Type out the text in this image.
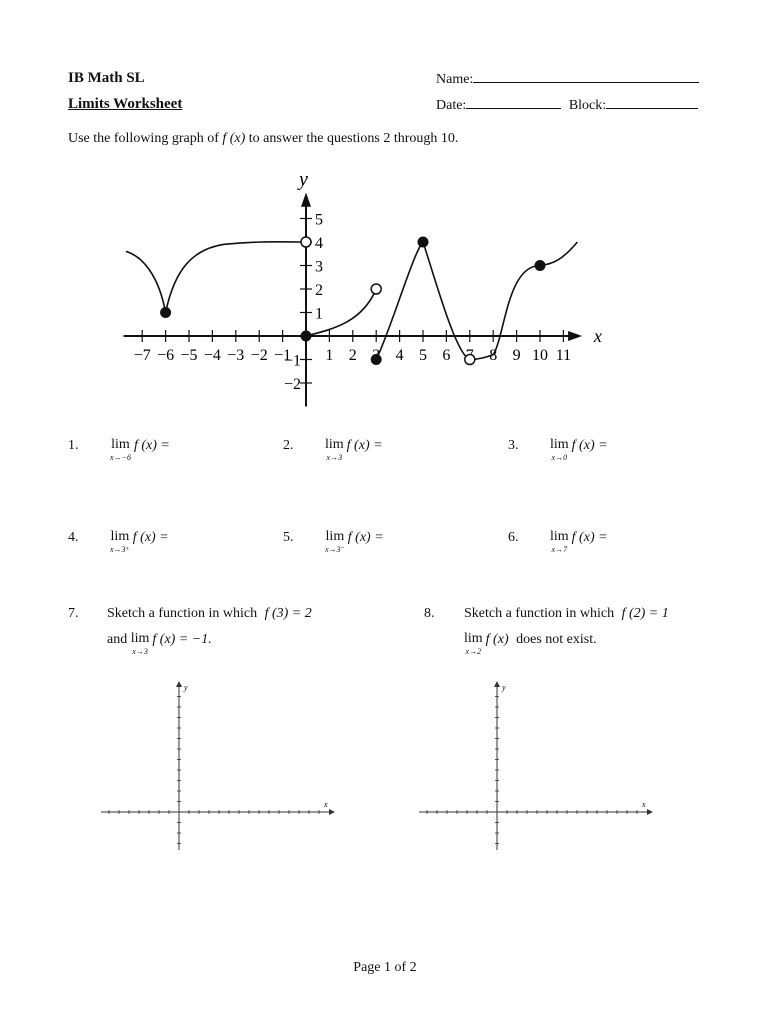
IB Math SL
Limits Worksheet
Name:
Date:	Block:
Use the following graph of f (x) to answer the questions 2 through 10.
−7 −6 −5 −4 −3 −2 −1 1 2 4 5 6 8 9 10 11
5
4
3
2
1
−1
−2
x
y
1. lim
x→−6
f (x) =	2. lim
x→3
f (x) =	3. lim
x→0
f (x) =
4. lim
x→3⁺
f (x) =	5. lim
x→3⁻
f (x) =	6. lim
x→7
f (x) =
7. Sketch a function in which f (3) = 2
and lim
x→3
f (x) = −1.
8. Sketch a function in which f (2) = 1
lim
x→2
f (x) does not exist.
x
y
x
y
Page 1 of 2
